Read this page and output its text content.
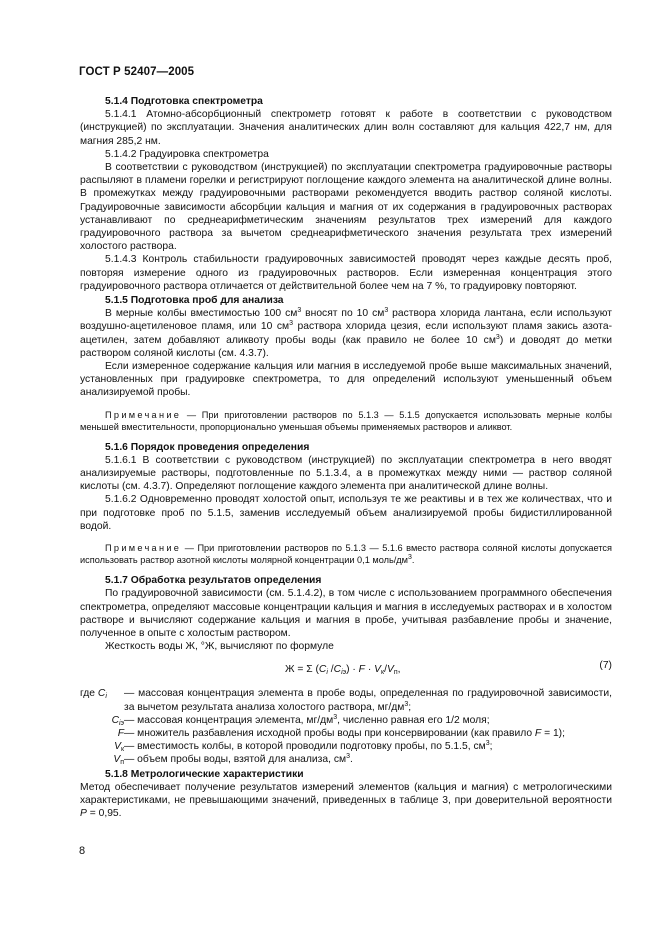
ГОСТ Р 52407—2005

5.1.4 Подготовка спектрометра

5.1.4.1 Атомно-абсорбционный спектрометр готовят к работе в соответствии с руководством (инструкцией) по эксплуатации. Значения аналитических длин волн составляют для кальция 422,7 нм, для магния 285,2 нм.

5.1.4.2 Градуировка спектрометра

В соответствии с руководством (инструкцией) по эксплуатации спектрометра градуировочные растворы распыляют в пламени горелки и регистрируют поглощение каждого элемента на аналитической длине волны. В промежутках между градуировочными растворами рекомендуется вводить раствор соляной кислоты. Градуировочные зависимости абсорбции кальция и магния от их содержания в градуировочных растворах устанавливают по среднеарифметическим значениям результатов трех измерений для каждого градуировочного раствора за вычетом среднеарифметического значения результата трех измерений холостого раствора.

5.1.4.3 Контроль стабильности градуировочных зависимостей проводят через каждые десять проб, повторяя измерение одного из градуировочных растворов. Если измеренная концентрация этого градуировочного раствора отличается от действительной более чем на 7 %, то градуировку повторяют.

5.1.5 Подготовка проб для анализа

В мерные колбы вместимостью 100 $см^3$ вносят по 10 $см^3$ раствора хлорида лантана, если используют воздушно-ацетиленовое пламя, или 10 $см^3$ раствора хлорида цезия, если используют пламя закись азота-ацетилен, затем добавляют аликвоту пробы воды (как правило не более 10 $см^3$) и доводят до метки раствором соляной кислоты (см. 4.3.7).

Если измеренное содержание кальция или магния в исследуемой пробе выше максимальных значений, установленных при градуировке спектрометра, то для определений используют уменьшенный объем анализируемой пробы.

Примечание — При приготовлении растворов по 5.1.3 — 5.1.5 допускается использовать мерные колбы меньшей вместительности, пропорционально уменьшая объемы применяемых растворов и аликвот.

5.1.6 Порядок проведения определения

5.1.6.1 В соответствии с руководством (инструкцией) по эксплуатации спектрометра в него вводят анализируемые растворы, подготовленные по 5.1.3.4, а в промежутках между ними — раствор соляной кислоты (см. 4.3.7). Определяют поглощение каждого элемента при аналитической длине волны.

5.1.6.2 Одновременно проводят холостой опыт, используя те же реактивы и в тех же количествах, что и при подготовке проб по 5.1.5, заменив исследуемый объем анализируемой пробы бидистиллированной водой.

Примечание — При приготовлении растворов по 5.1.3 — 5.1.6 вместо раствора соляной кислоты допускается использовать раствор азотной кислоты молярной концентрации 0,1 моль/$дм^3$.

5.1.7 Обработка результатов определения

По градуировочной зависимости (см. 5.1.4.2), в том числе с использованием программного обеспечения спектрометра, определяют массовые концентрации кальция и магния в исследуемых растворах и в холостом растворе и вычисляют содержание кальция и магния в пробе, учитывая разбавление пробы и значение, полученное в опыте с холостым раствором.

Жесткость воды Ж, °Ж, вычисляют по формуле

Ж = Σ ($C_i$ $/C_{iэ}) \cdot F \cdot V_к/V_п$,	(7)
где $C_i$	— массовая концентрация элемента в пробе воды, определенная по градуировочной зависимости, за вычетом результата анализа холостого раствора, $мг/дм^3$;
$C_{iэ}$ — массовая концентрация элемента, $мг/дм^3$, численно равная его 1/2 моля;
F — множитель разбавления исходной пробы воды при консервировании (как правило F = 1);
$V_к$ — вместимость колбы, в которой проводили подготовку пробы, по 5.1.5, $см^3$;
$V_п$ — объем пробы воды, взятой для анализа, $см^3$.

5.1.8 Метрологические характеристики

Метод обеспечивает получение результатов измерений элементов (кальция и магния) с метрологическими характеристиками, не превышающими значений, приведенных в таблице 3, при доверительной вероятности P = 0,95.

8
